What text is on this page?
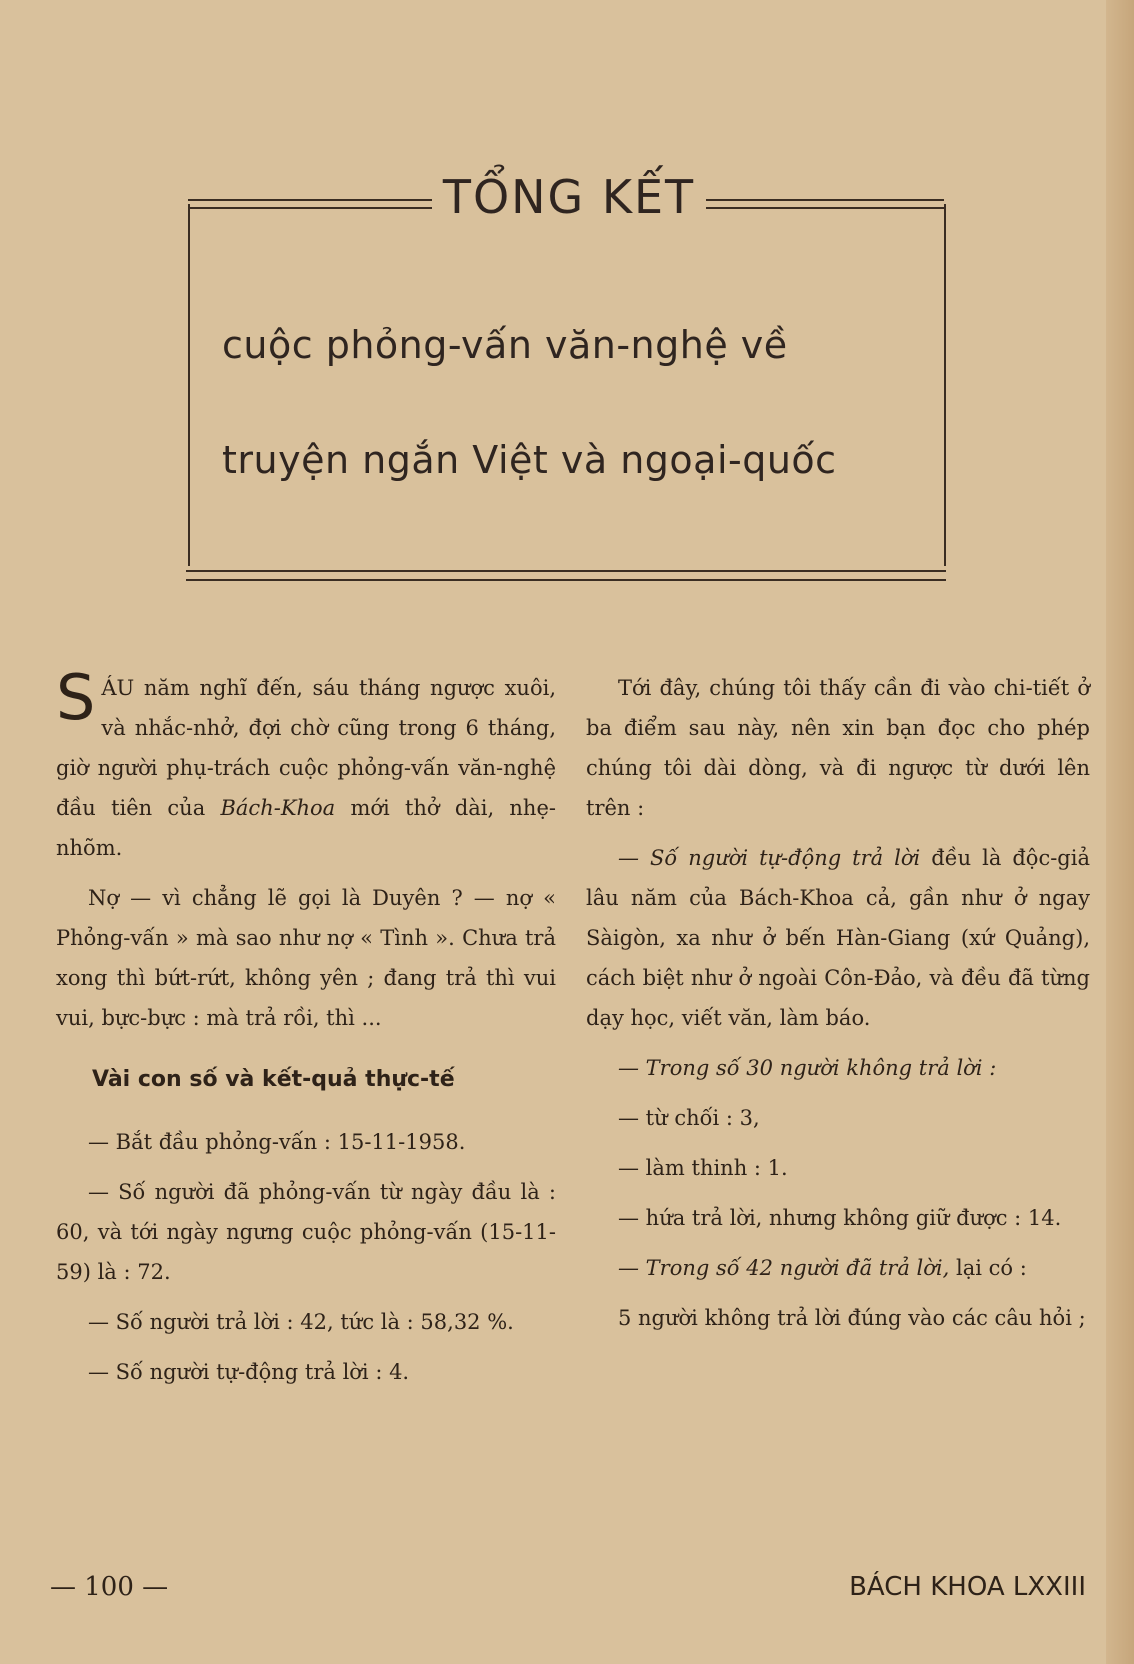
TỔNG KẾT
cuộc phỏng-vấn văn-nghệ về
truyện ngắn Việt và ngoại-quốc

SÁU năm nghĩ đến, sáu tháng ngược xuôi, và nhắc-nhở, đợi chờ cũng trong 6 tháng, giờ người phụ-trách cuộc phỏng-vấn văn-nghệ đầu tiên của Bách-Khoa mới thở dài, nhẹ-nhõm.

Nợ — vì chẳng lẽ gọi là Duyên ? — nợ « Phỏng-vấn » mà sao như nợ « Tình ». Chưa trả xong thì bứt-rứt, không yên ; đang trả thì vui vui, bực-bực : mà trả rồi, thì ...

Vài con số và kết-quả thực-tế

— Bắt đầu phỏng-vấn : 15-11-1958.

— Số người đã phỏng-vấn từ ngày đầu là : 60, và tới ngày ngưng cuộc phỏng-vấn (15-11-59) là : 72.

— Số người trả lời : 42, tức là : 58,32 %.

— Số người tự-động trả lời : 4.

Tới đây, chúng tôi thấy cần đi vào chi-tiết ở ba điểm sau này, nên xin bạn đọc cho phép chúng tôi dài dòng, và đi ngược từ dưới lên trên :

— Số người tự-động trả lời đều là độc-giả lâu năm của Bách-Khoa cả, gần như ở ngay Sàigòn, xa như ở bến Hàn-Giang (xứ Quảng), cách biệt như ở ngoài Côn-Đảo, và đều đã từng dạy học, viết văn, làm báo.

— Trong số 30 người không trả lời :

— từ chối : 3,

— làm thinh : 1.

— hứa trả lời, nhưng không giữ được : 14.

— Trong số 42 người đã trả lời, lại có :

5 người không trả lời đúng vào các câu hỏi ;

— 100 —	BÁCH KHOA LXXIII
